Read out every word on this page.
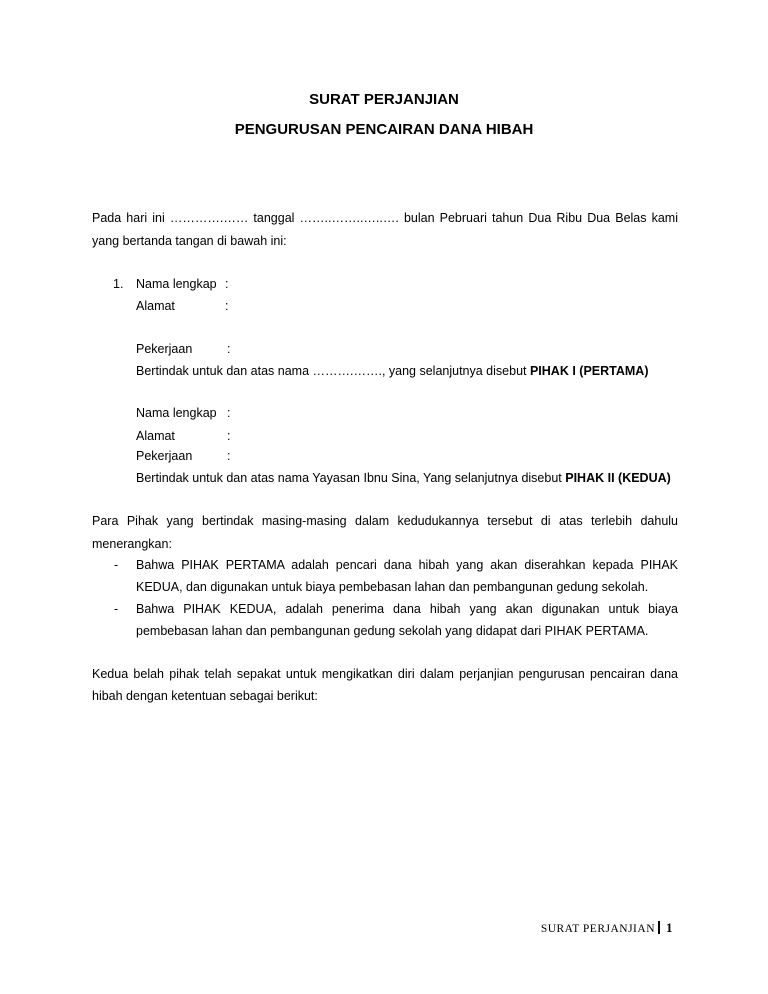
SURAT PERJANJIAN
PENGURUSAN PENCAIRAN DANA HIBAH
Pada hari ini ………….…… tanggal ……..……..…..…. bulan Pebruari tahun Dua Ribu Dua Belas kami
yang bertanda tangan di bawah ini:
1. Nama lengkap :
Alamat	:
Pekerjaan	:
Bertindak untuk dan atas nama ……….……., yang selanjutnya disebut PIHAK I (PERTAMA)
Nama lengkap :
Alamat	:
Pekerjaan	:
Bertindak untuk dan atas nama Yayasan Ibnu Sina, Yang selanjutnya disebut PIHAK II (KEDUA)
Para Pihak yang bertindak masing-masing dalam kedudukannya tersebut di atas terlebih dahulu
menerangkan:
- Bahwa PIHAK PERTAMA adalah pencari dana hibah yang akan diserahkan kepada PIHAK
KEDUA, dan digunakan untuk biaya pembebasan lahan dan pembangunan gedung sekolah.
- Bahwa PIHAK KEDUA, adalah penerima dana hibah yang akan digunakan untuk biaya
pembebasan lahan dan pembangunan gedung sekolah yang didapat dari PIHAK PERTAMA.
Kedua belah pihak telah sepakat untuk mengikatkan diri dalam perjanjian pengurusan pencairan dana
hibah dengan ketentuan sebagai berikut:
SURAT PERJANJIAN 1
